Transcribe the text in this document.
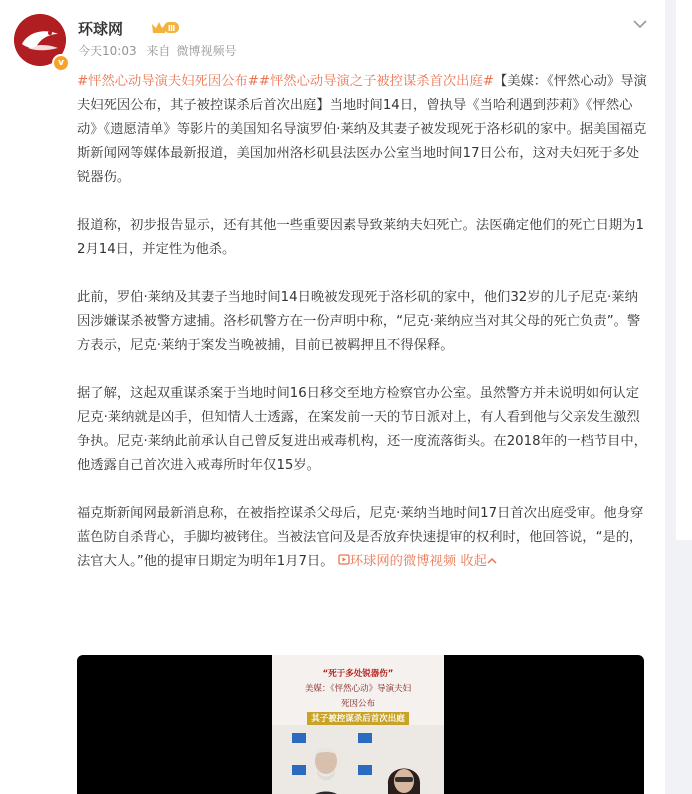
v
环球网	Ⅲ
今天10:03 来自 微博视频号

#怦然心动导演夫妇死因公布##怦然心动导演之子被控谋杀首次出庭#【美媒：《怦然心动》导演夫妇死因公布，其子被控谋杀后首次出庭】当地时间14日，曾执导《当哈利遇到莎莉》《怦然心动》《遗愿清单》等影片的美国知名导演罗伯·莱纳及其妻子被发现死于洛杉矶的家中。据美国福克斯新闻网等媒体最新报道，美国加州洛杉矶县法医办公室当地时间17日公布，这对夫妇死于多处锐器伤。

报道称，初步报告显示，还有其他一些重要因素导致莱纳夫妇死亡。法医确定他们的死亡日期为12月14日，并定性为他杀。

此前，罗伯·莱纳及其妻子当地时间14日晚被发现死于洛杉矶的家中，他们32岁的儿子尼克·莱纳因涉嫌谋杀被警方逮捕。洛杉矶警方在一份声明中称，“尼克·莱纳应当对其父母的死亡负责”。警方表示，尼克·莱纳于案发当晚被捕，目前已被羁押且不得保释。

据了解，这起双重谋杀案于当地时间16日移交至地方检察官办公室。虽然警方并未说明如何认定尼克·莱纳就是凶手，但知情人士透露，在案发前一天的节日派对上，有人看到他与父亲发生激烈争执。尼克·莱纳此前承认自己曾反复进出戒毒机构，还一度流落街头。在2018年的一档节目中，他透露自己首次进入戒毒所时年仅15岁。

福克斯新闻网最新消息称，在被指控谋杀父母后，尼克·莱纳当地时间17日首次出庭受审。他身穿蓝色防自杀背心，手脚均被铐住。当被法官问及是否放弃快速提审的权利时，他回答说，“是的，法官大人。”他的提审日期定为明年1月7日。 环球网的微博视频 收起

“死于多处锐器伤”
美媒：《怦然心动》导演夫妇
死因公布
其子被控谋杀后首次出庭
